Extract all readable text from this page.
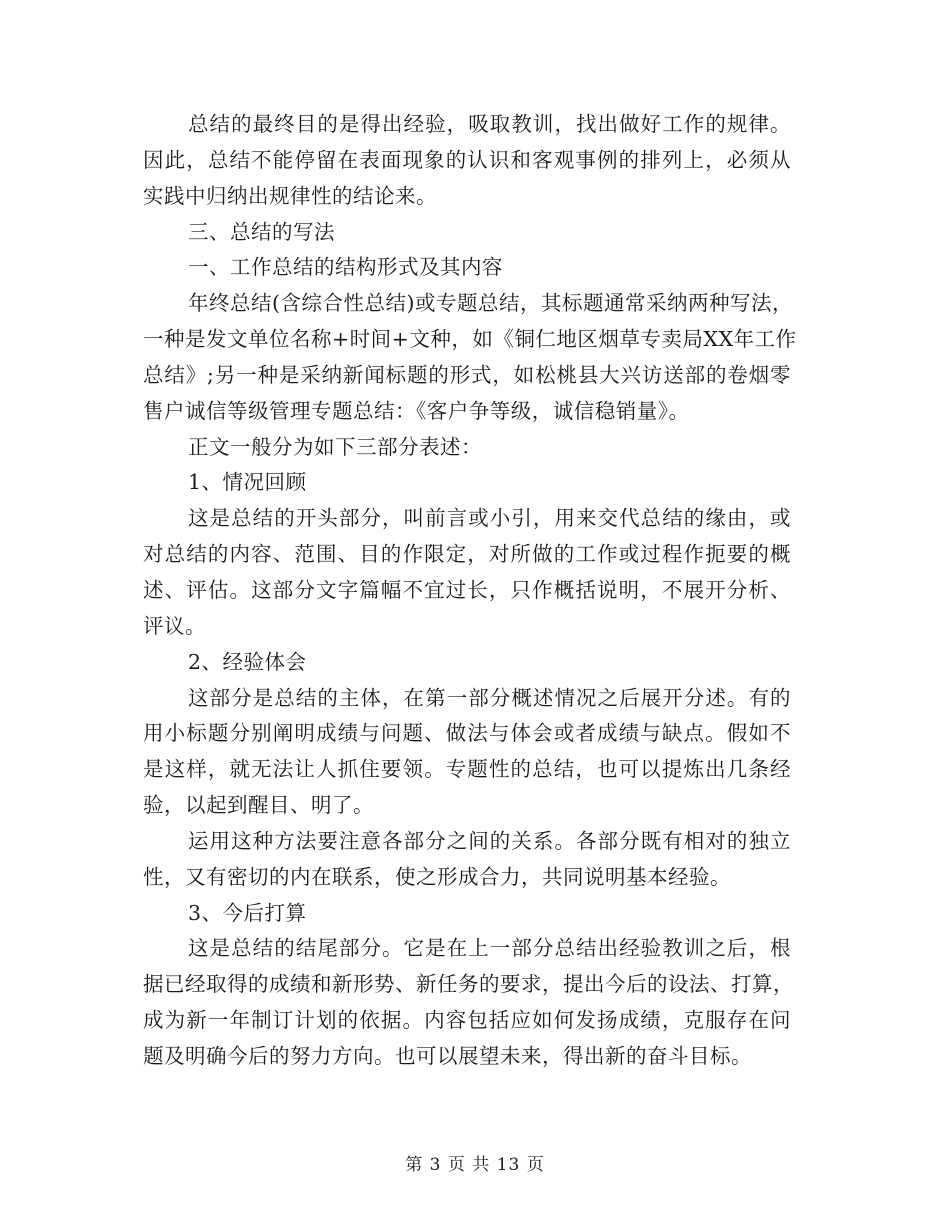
总结的最终目的是得出经验，吸取教训，找出做好工作的规律。
因此，总结不能停留在表面现象的认识和客观事例的排列上，必须从
实践中归纳出规律性的结论来。
三、总结的写法
一、工作总结的结构形式及其内容
年终总结(含综合性总结)或专题总结，其标题通常采纳两种写法，
一种是发文单位名称+时间+文种，如《铜仁地区烟草专卖局XX年工作
总结》;另一种是采纳新闻标题的形式，如松桃县大兴访送部的卷烟零
售户诚信等级管理专题总结：《客户争等级，诚信稳销量》。
正文一般分为如下三部分表述：
1、情况回顾
这是总结的开头部分，叫前言或小引，用来交代总结的缘由，或
对总结的内容、范围、目的作限定，对所做的工作或过程作扼要的概
述、评估。这部分文字篇幅不宜过长，只作概括说明，不展开分析、
评议。
2、经验体会
这部分是总结的主体，在第一部分概述情况之后展开分述。有的
用小标题分别阐明成绩与问题、做法与体会或者成绩与缺点。假如不
是这样，就无法让人抓住要领。专题性的总结，也可以提炼出几条经
验，以起到醒目、明了。
运用这种方法要注意各部分之间的关系。各部分既有相对的独立
性，又有密切的内在联系，使之形成合力，共同说明基本经验。
3、今后打算
这是总结的结尾部分。它是在上一部分总结出经验教训之后，根
据已经取得的成绩和新形势、新任务的要求，提出今后的设法、打算，
成为新一年制订计划的依据。内容包括应如何发扬成绩，克服存在问
题及明确今后的努力方向。也可以展望未来，得出新的奋斗目标。
第 3 页 共 13 页
